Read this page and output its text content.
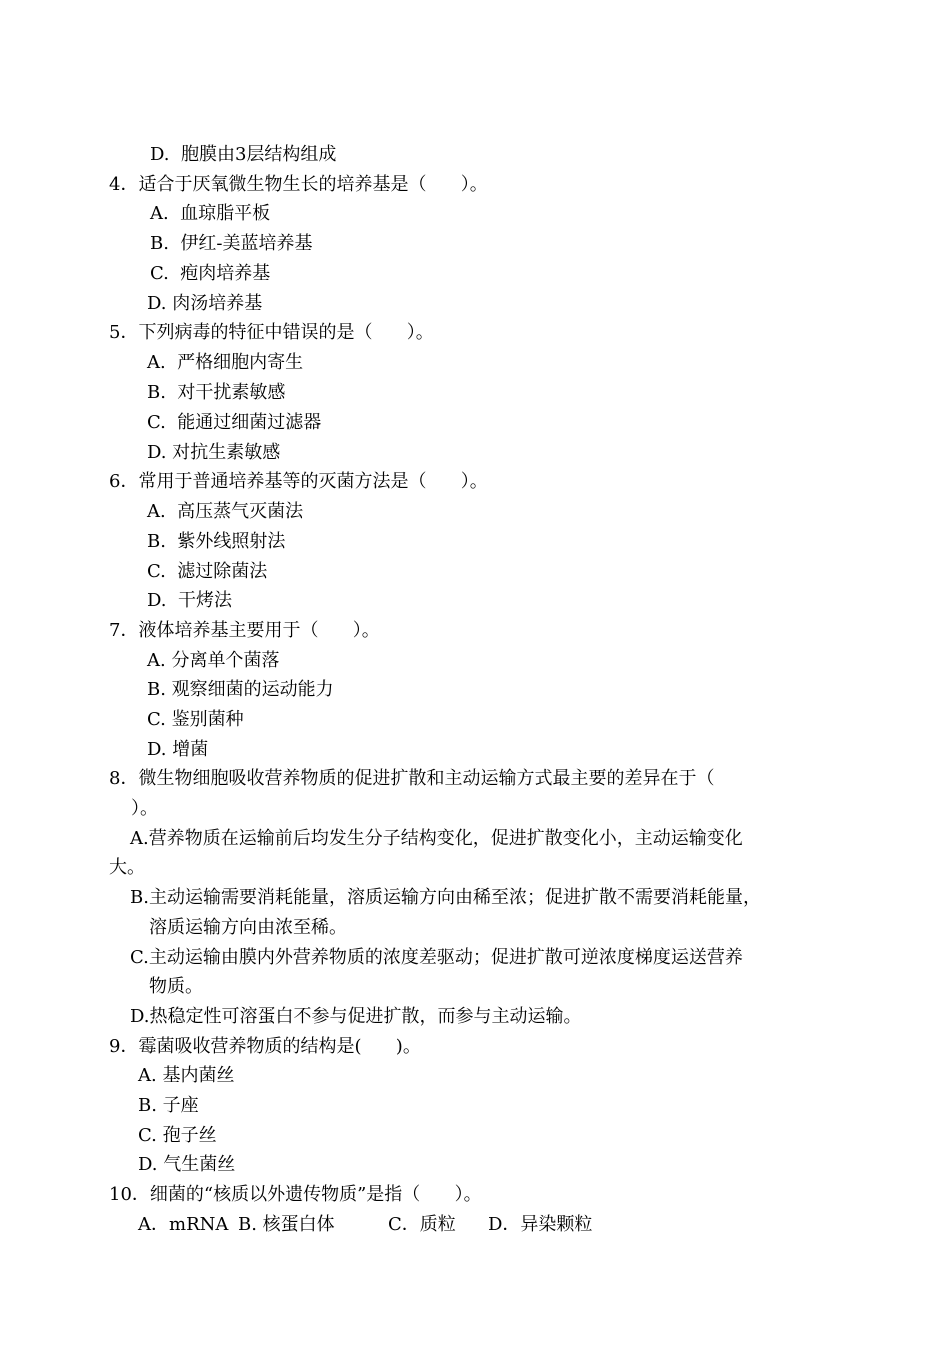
D.  胞膜由3层结构组成
4．适合于厌氧微生物生长的培养基是（      ）。
A.  血琼脂平板
B.  伊红-美蓝培养基
C.  疱肉培养基
D. 肉汤培养基
5．下列病毒的特征中错误的是（      ）。
A.  严格细胞内寄生
B.  对干扰素敏感
C.  能通过细菌过滤器
D. 对抗生素敏感
6．常用于普通培养基等的灭菌方法是（      ）。
A.  高压蒸气灭菌法
B.  紫外线照射法
C.  滤过除菌法
D.  干烤法
7．液体培养基主要用于（      ）。
A. 分离单个菌落
B. 观察细菌的运动能力
C. 鉴别菌种
D. 增菌
8．微生物细胞吸收营养物质的促进扩散和主动运输方式最主要的差异在于（
）。
A.营养物质在运输前后均发生分子结构变化，促进扩散变化小，主动运输变化
大。
B.主动运输需要消耗能量，溶质运输方向由稀至浓；促进扩散不需要消耗能量，
溶质运输方向由浓至稀。
C.主动运输由膜内外营养物质的浓度差驱动；促进扩散可逆浓度梯度运送营养
物质。
D.热稳定性可溶蛋白不参与促进扩散，而参与主动运输。
9．霉菌吸收营养物质的结构是(      )。
A. 基内菌丝
B. 子座
C. 孢子丝
D. 气生菌丝
10．细菌的“核质以外遗传物质”是指（      ）。
A．mRNA B. 核蛋白体	C．质粒 D．异染颗粒
